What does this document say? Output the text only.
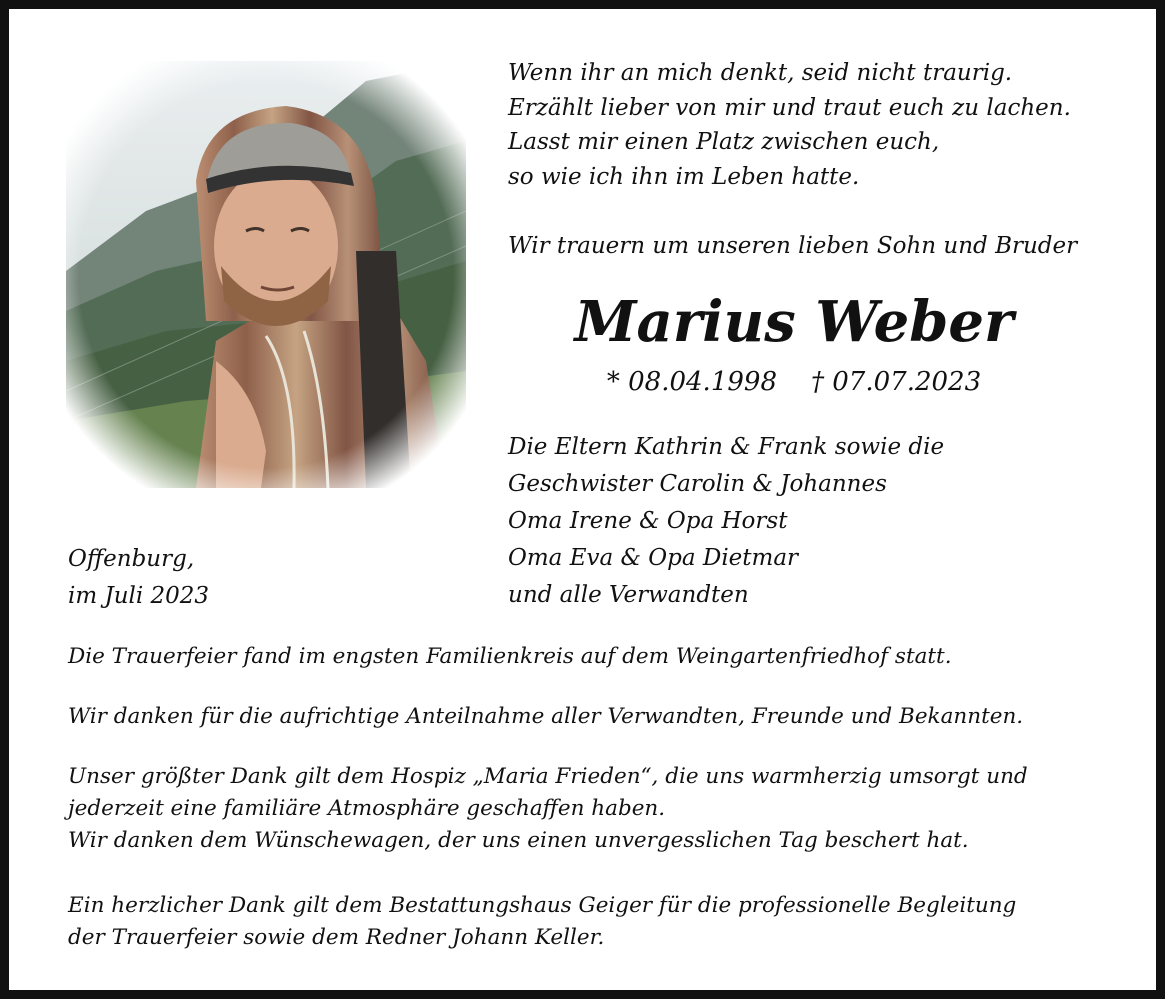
Wenn ihr an mich denkt, seid nicht traurig.
Erzählt lieber von mir und traut euch zu lachen.
Lasst mir einen Platz zwischen euch,
so wie ich ihn im Leben hatte.
Wir trauern um unseren lieben Sohn und Bruder
Marius Weber
* 08.04.1998 † 07.07.2023
Die Eltern Kathrin & Frank sowie die
Geschwister Carolin & Johannes
Oma Irene & Opa Horst
Oma Eva & Opa Dietmar
und alle Verwandten
Offenburg,
im Juli 2023
Die Trauerfeier fand im engsten Familienkreis auf dem Weingartenfriedhof statt.
Wir danken für die aufrichtige Anteilnahme aller Verwandten, Freunde und Bekannten.
Unser größter Dank gilt dem Hospiz „Maria Frieden“, die uns warmherzig umsorgt und
jederzeit eine familiäre Atmosphäre geschaffen haben.
Wir danken dem Wünschewagen, der uns einen unvergesslichen Tag beschert hat.
Ein herzlicher Dank gilt dem Bestattungshaus Geiger für die professionelle Begleitung
der Trauerfeier sowie dem Redner Johann Keller.
